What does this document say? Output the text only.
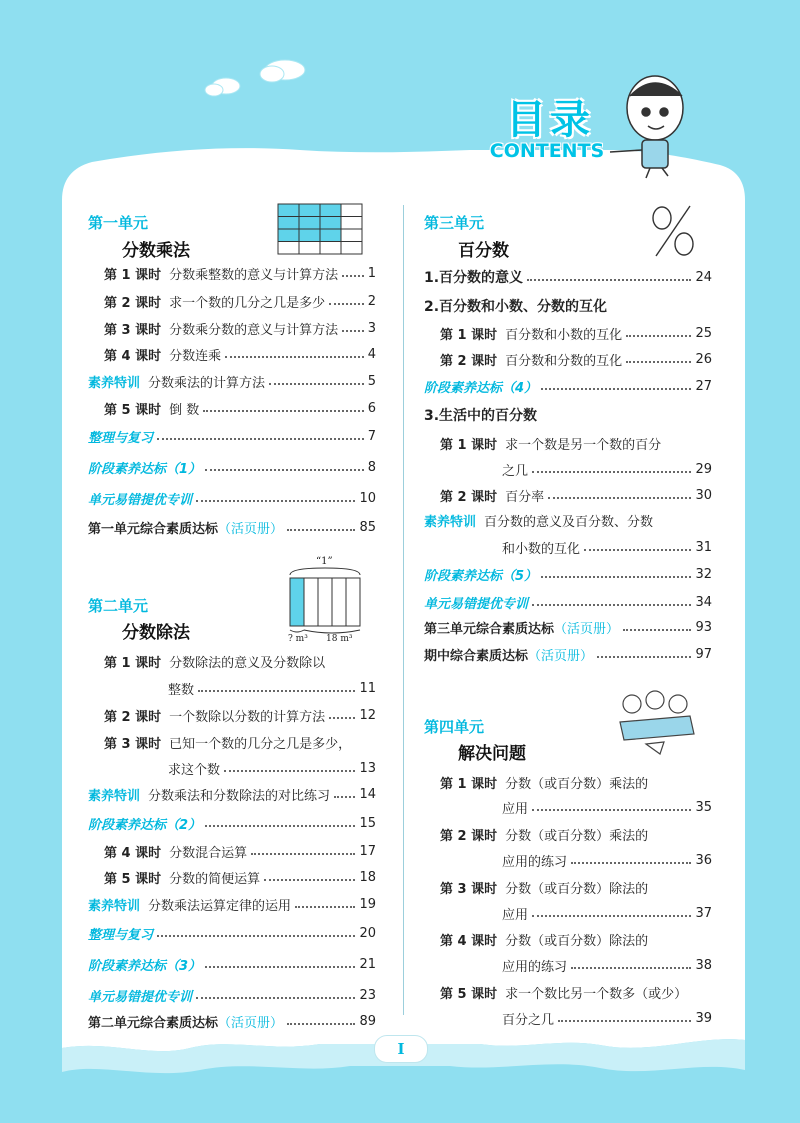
目录
CONTENTS
“1”
? m³ 18 m³
第一单元
分数乘法
第 1 课时 分数乘整数的意义与计算方法 1
第 2 课时 求一个数的几分之几是多少	2
第 3 课时 分数乘分数的意义与计算方法 3
第 4 课时 分数连乘	4
素养特训 分数乘法的计算方法	5
第 5 课时 倒 数	6
整理与复习	7
阶段素养达标（1）	8
单元易错提优专训	10
第一单元综合素质达标 （活页册）	85
第二单元
分数除法
第 1 课时 分数除法的意义及分数除以
整数	11
第 2 课时 一个数除以分数的计算方法	12
第 3 课时 已知一个数的几分之几是多少，
求这个数	13
素养特训 分数乘法和分数除法的对比练习 14
阶段素养达标（2）	15
第 4 课时 分数混合运算	17
第 5 课时 分数的简便运算	18
素养特训 分数乘法运算定律的运用	19
整理与复习	20
阶段素养达标（3）	21
单元易错提优专训	23
第二单元综合素质达标 （活页册）	89
第三单元
百分数
1.百分数的意义	24
2.百分数和小数、分数的互化
第 1 课时 百分数和小数的互化	25
第 2 课时 百分数和分数的互化	26
阶段素养达标（4）	27
3.生活中的百分数
第 1 课时 求一个数是另一个数的百分
之几	29
第 2 课时 百分率	30
素养特训 百分数的意义及百分数、分数
和小数的互化	31
阶段素养达标（5）	32
单元易错提优专训	34
第三单元综合素质达标 （活页册）	93
期中综合素质达标 （活页册）	97
第四单元
解决问题
第 1 课时 分数（或百分数）乘法的
应用	35
第 2 课时 分数（或百分数）乘法的
应用的练习	36
第 3 课时 分数（或百分数）除法的
应用	37
第 4 课时 分数（或百分数）除法的
应用的练习	38
第 5 课时 求一个数比另一个数多（或少）
百分之几	39
I
